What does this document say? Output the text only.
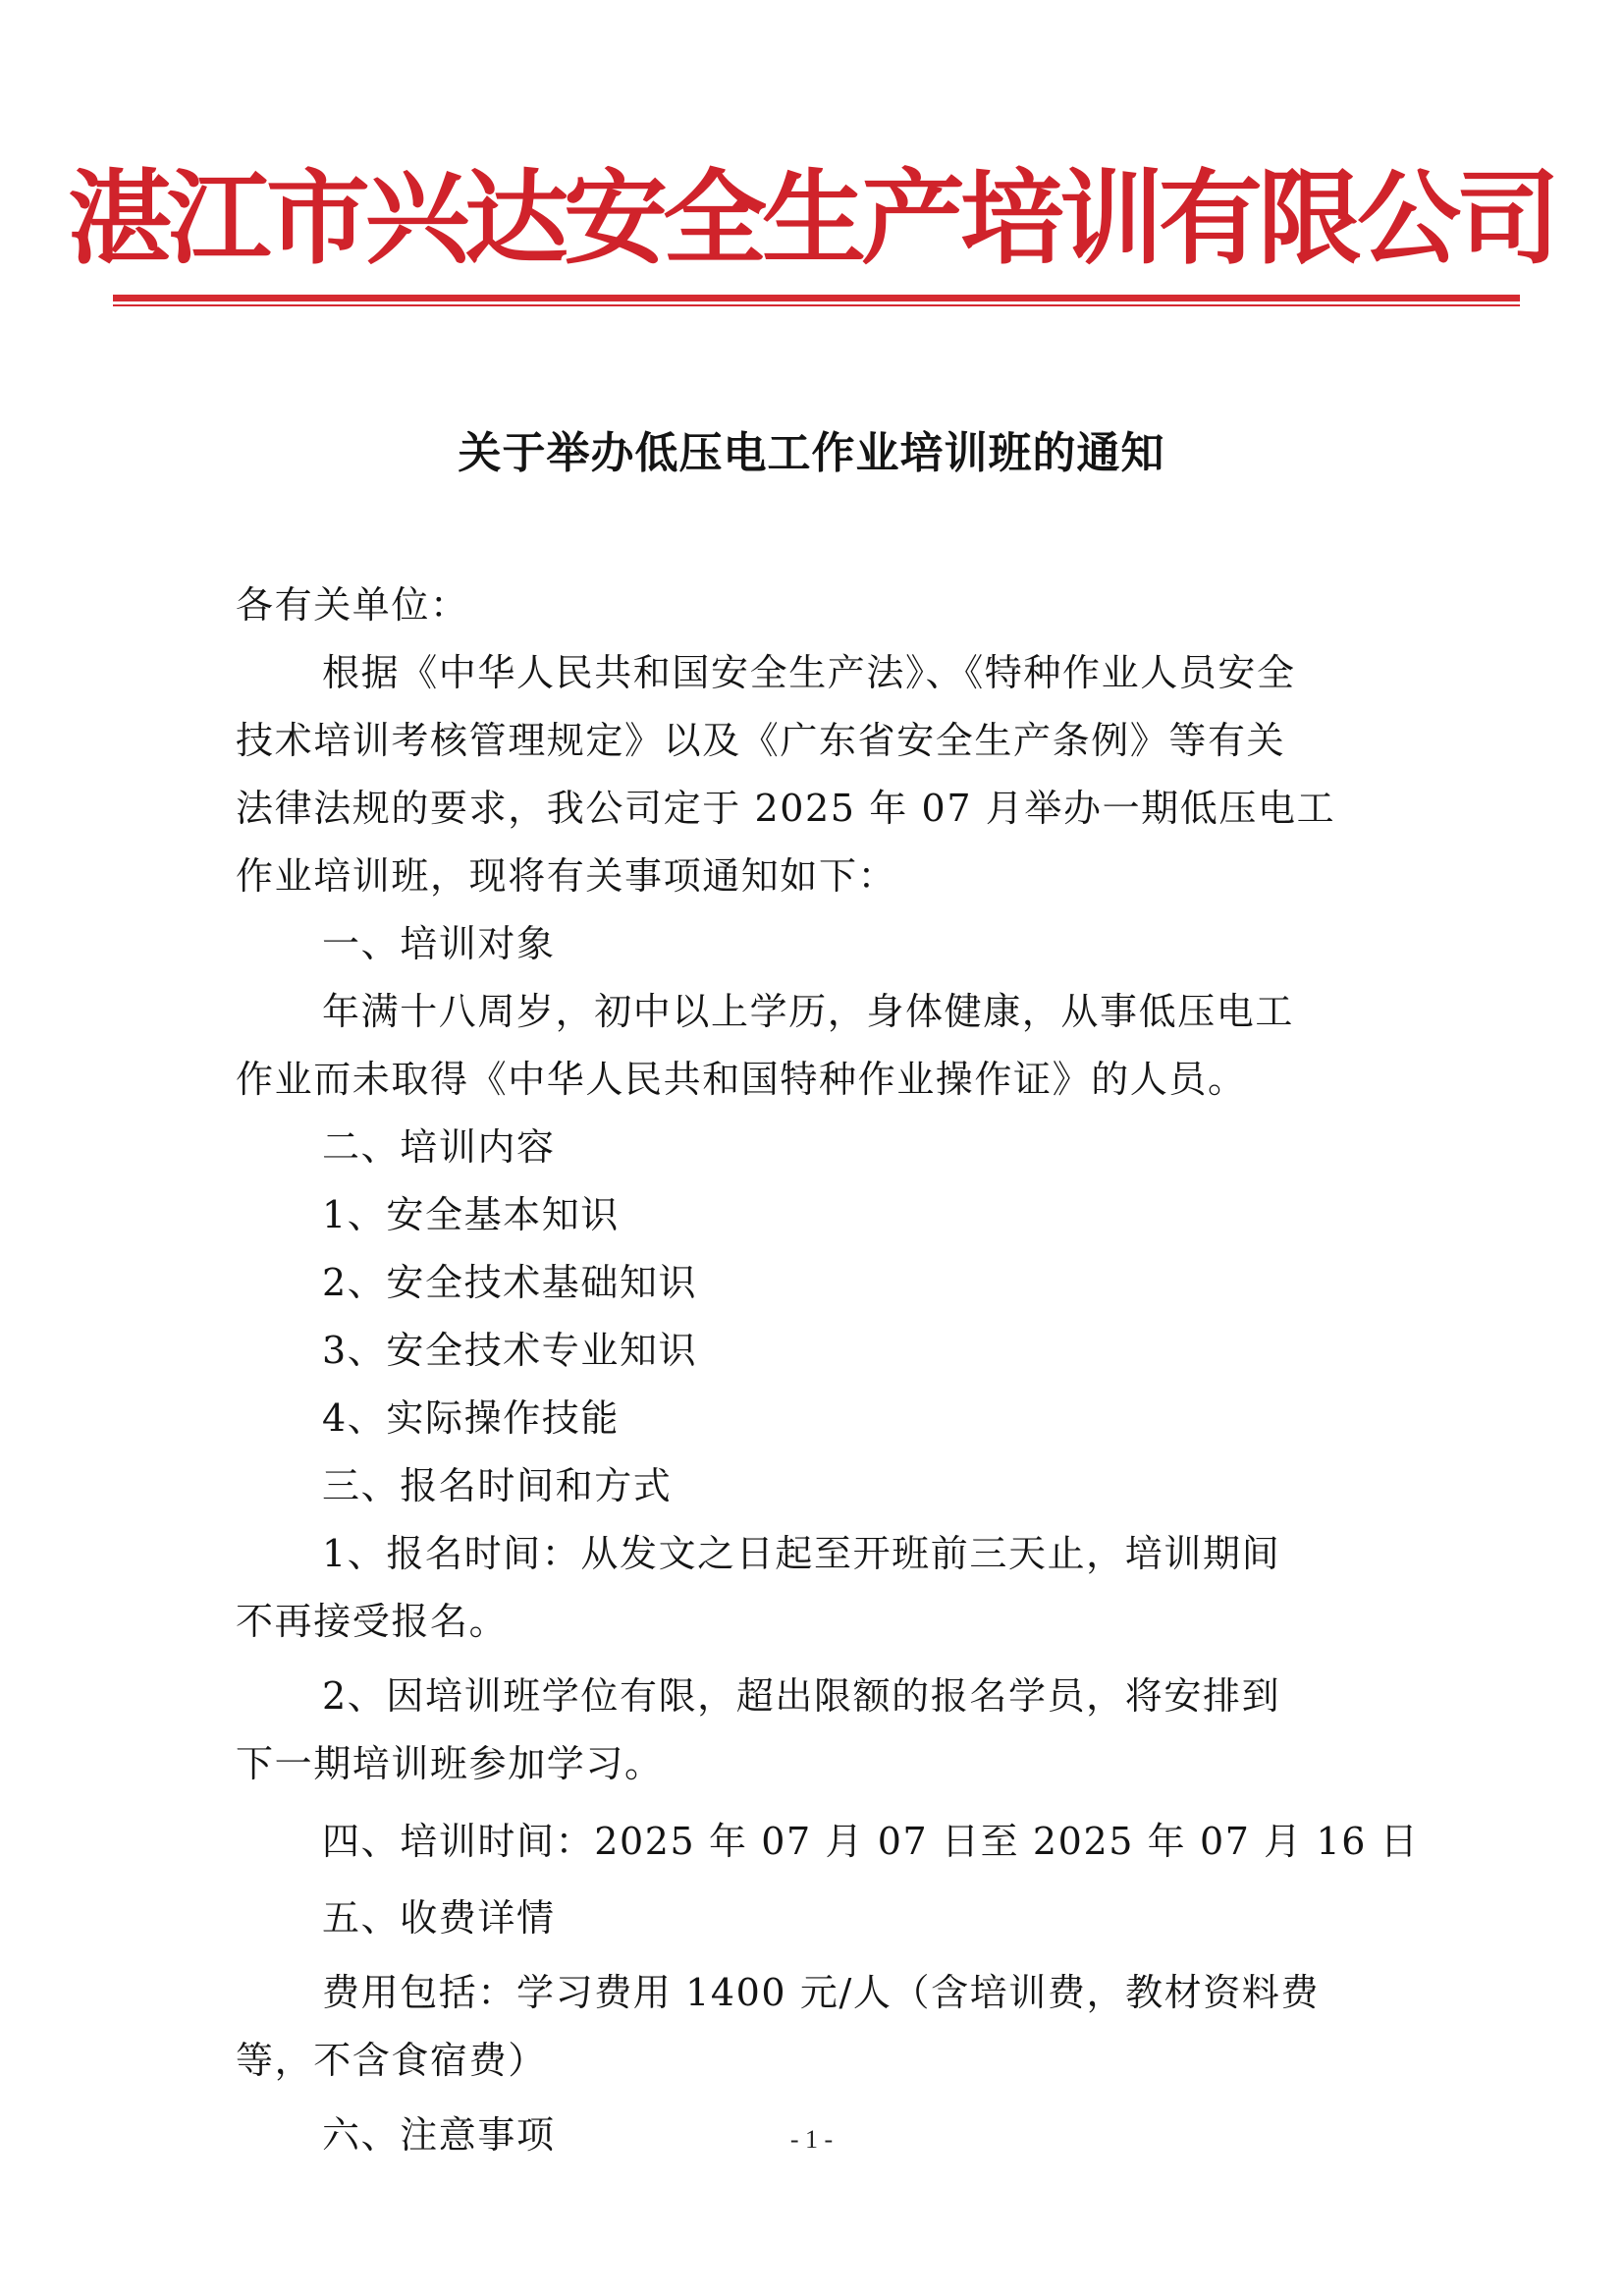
湛江市兴达安全生产培训有限公司
关于举办低压电工作业培训班的通知
各有关单位：
根据《中华人民共和国安全生产法》、《特种作业人员安全
技术培训考核管理规定》以及《广东省安全生产条例》等有关
法律法规的要求，我公司定于 2025 年 07 月举办一期低压电工
作业培训班，现将有关事项通知如下：
一、培训对象
年满十八周岁，初中以上学历，身体健康，从事低压电工
作业而未取得《中华人民共和国特种作业操作证》的人员。
二、培训内容
1、安全基本知识
2、安全技术基础知识
3、安全技术专业知识
4、实际操作技能
三、报名时间和方式
1、报名时间：从发文之日起至开班前三天止，培训期间
不再接受报名。
2、因培训班学位有限，超出限额的报名学员，将安排到
下一期培训班参加学习。
四、培训时间：2025 年 07 月 07 日至 2025 年 07 月 16 日
五、收费详情
费用包括：学习费用 1400 元/人（含培训费，教材资料费
等，不含食宿费）
六、注意事项	- 1 -
